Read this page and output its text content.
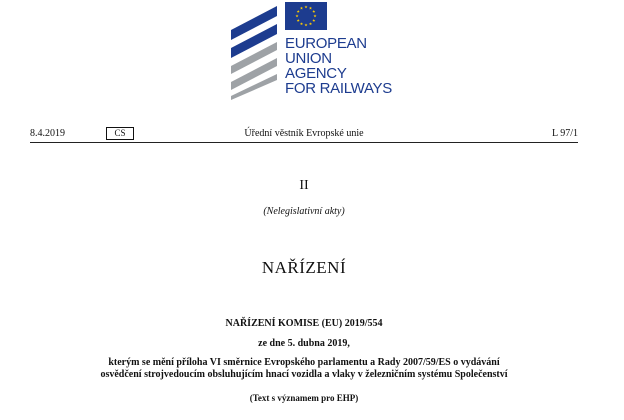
EUROPEAN
UNION
AGENCY
FOR RAILWAYS
8.4.2019	CS	Úřední věstník Evropské unie	L 97/1
II
(Nelegislativní akty)
NAŘÍZENÍ
NAŘÍZENÍ KOMISE (EU) 2019/554
ze dne 5. dubna 2019,
kterým se mění příloha VI směrnice Evropského parlamentu a Rady 2007/59/ES o vydávání
osvědčení strojvedoucím obsluhujícím hnací vozidla a vlaky v železničním systému Společenství
(Text s významem pro EHP)
